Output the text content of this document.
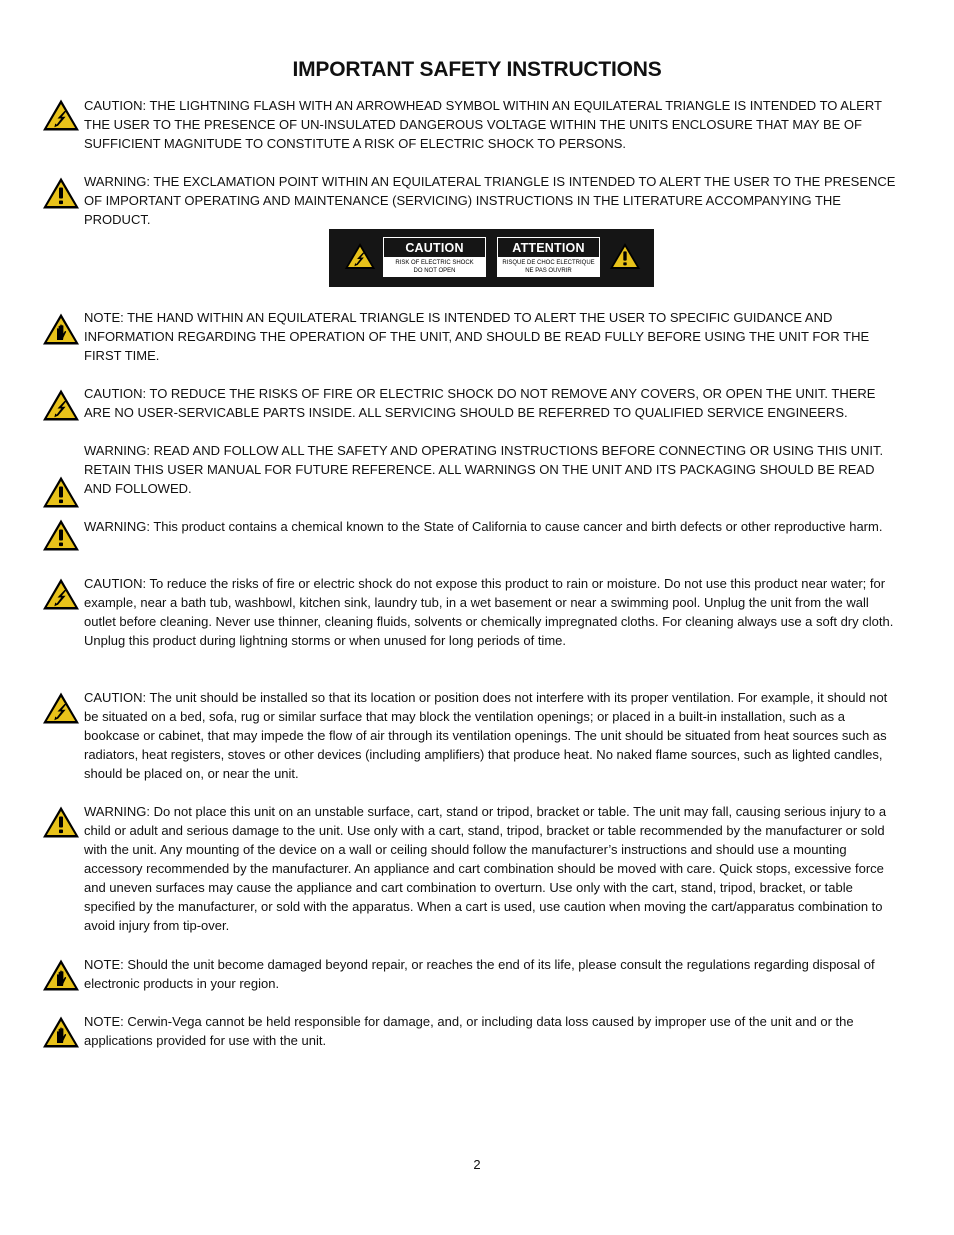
IMPORTANT SAFETY INSTRUCTIONS

CAUTION: THE LIGHTNING FLASH WITH AN ARROWHEAD SYMBOL WITHIN AN EQUILATERAL TRIANGLE IS INTENDED TO ALERT THE USER TO THE PRESENCE OF UN-INSULATED DANGEROUS VOLTAGE WITHIN THE UNITS ENCLOSURE THAT MAY BE OF SUFFICIENT MAGNITUDE TO CONSTITUTE A RISK OF ELECTRIC SHOCK TO PERSONS.

WARNING: THE EXCLAMATION POINT WITHIN AN EQUILATERAL TRIANGLE IS INTENDED TO ALERT THE USER TO THE PRESENCE OF IMPORTANT OPERATING AND MAINTENANCE (SERVICING) INSTRUCTIONS IN THE LITERATURE ACCOMPANYING THE PRODUCT.

CAUTION
RISK OF ELECTRIC SHOCK
DO NOT OPEN
ATTENTION
RISQUE DE CHOC ELECTRIQUE
NE PAS OUVRIR

NOTE: THE HAND WITHIN AN EQUILATERAL TRIANGLE IS INTENDED TO ALERT THE USER TO SPECIFIC GUIDANCE AND INFORMATION REGARDING THE OPERATION OF THE UNIT, AND SHOULD BE READ FULLY BEFORE USING THE UNIT FOR THE FIRST TIME.

CAUTION: TO REDUCE THE RISKS OF FIRE OR ELECTRIC SHOCK DO NOT REMOVE ANY COVERS, OR OPEN THE UNIT. THERE ARE NO USER-SERVICABLE PARTS INSIDE. ALL SERVICING SHOULD BE REFERRED TO QUALIFIED SERVICE ENGINEERS.

WARNING: READ AND FOLLOW ALL THE SAFETY AND OPERATING INSTRUCTIONS BEFORE CONNECTING OR USING THIS UNIT. RETAIN THIS USER MANUAL FOR FUTURE REFERENCE. ALL WARNINGS ON THE UNIT AND ITS PACKAGING SHOULD BE READ AND FOLLOWED.

WARNING: This product contains a chemical known to the State of California to cause cancer and birth defects or other reproductive harm.

CAUTION: To reduce the risks of fire or electric shock do not expose this product to rain or moisture. Do not use this product near water; for example, near a bath tub, washbowl, kitchen sink, laundry tub, in a wet basement or near a swimming pool. Unplug the unit from the wall outlet before cleaning. Never use thinner, cleaning fluids, solvents or chemically impregnated cloths. For cleaning always use a soft dry cloth. Unplug this product during lightning storms or when unused for long periods of time.

CAUTION: The unit should be installed so that its location or position does not interfere with its proper ventilation. For example, it should not be situated on a bed, sofa, rug or similar surface that may block the ventilation openings; or placed in a built-in installation, such as a bookcase or cabinet, that may impede the flow of air through its ventilation openings. The unit should be situated from heat sources such as radiators, heat registers, stoves or other devices (including amplifiers) that produce heat. No naked flame sources, such as lighted candles, should be placed on, or near the unit.

WARNING: Do not place this unit on an unstable surface, cart, stand or tripod, bracket or table. The unit may fall, causing serious injury to a child or adult and serious damage to the unit. Use only with a cart, stand, tripod, bracket or table recommended by the manufacturer or sold with the unit. Any mounting of the device on a wall or ceiling should follow the manufacturer’s instructions and should use a mounting accessory recommended by the manufacturer. An appliance and cart combination should be moved with care. Quick stops, excessive force and uneven surfaces may cause the appliance and cart combination to overturn. Use only with the cart, stand, tripod, bracket, or table specified by the manufacturer, or sold with the apparatus. When a cart is used, use caution when moving the cart/apparatus combination to avoid injury from tip-over.

NOTE: Should the unit become damaged beyond repair, or reaches the end of its life, please consult the regulations regarding disposal of electronic products in your region.

NOTE: Cerwin-Vega cannot be held responsible for damage, and, or including data loss caused by improper use of the unit and or the applications provided for use with the unit.

2
